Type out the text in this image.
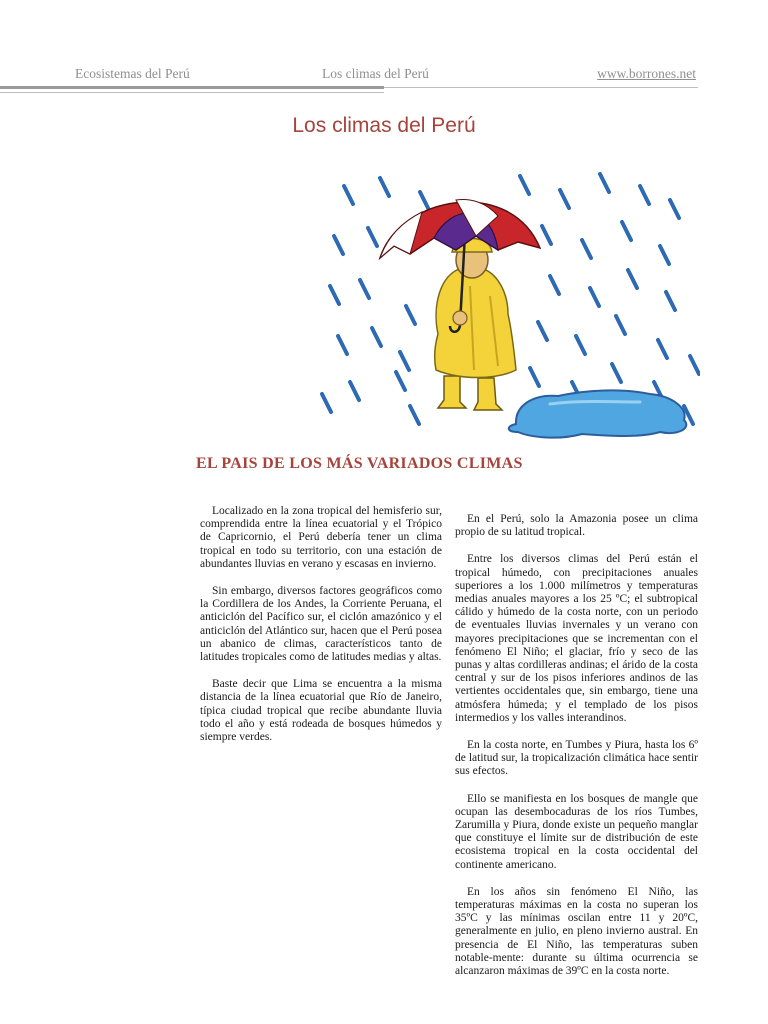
Ecosistemas del Perú	Los climas del Perú	www.borrones.net
Los climas del Perú
EL PAIS DE LOS MÁS VARIADOS CLIMAS

Localizado en la zona tropical del hemisferio sur, comprendida entre la línea ecuatorial y el Trópico de Capricornio, el Perú debería tener un clima tropical en todo su territorio, con una estación de abundantes lluvias en verano y escasas en invierno.

Sin embargo, diversos factores geográficos como la Cordillera de los Andes, la Corriente Peruana, el anticiclón del Pacífico sur, el ciclón amazónico y el anticiclón del Atlántico sur, hacen que el Perú posea un abanico de climas, característicos tanto de latitudes tropicales como de latitudes medias y altas.

Baste decir que Lima se encuentra a la misma distancia de la línea ecuatorial que Río de Janeiro, típica ciudad tropical que recibe abundante lluvia todo el año y está rodeada de bosques húmedos y siempre verdes.

En el Perú, solo la Amazonia posee un clima propio de su latitud tropical.

Entre los diversos climas del Perú están el tropical húmedo, con precipitaciones anuales superiores a los 1.000 milímetros y temperaturas medias anuales mayores a los 25 ºC; el subtropical cálido y húmedo de la costa norte, con un periodo de eventuales lluvias invernales y un verano con mayores precipitaciones que se incrementan con el fenómeno El Niño; el glaciar, frío y seco de las punas y altas cordilleras andinas; el árido de la costa central y sur de los pisos inferiores andinos de las vertientes occidentales que, sin embargo, tiene una atmósfera húmeda; y el templado de los pisos intermedios y los valles interandinos.

En la costa norte, en Tumbes y Piura, hasta los 6º de latitud sur, la tropicalización climática hace sentir sus efectos.

Ello se manifiesta en los bosques de mangle que ocupan las desembocaduras de los ríos Tumbes, Zarumilla y Piura, donde existe un pequeño manglar que constituye el límite sur de distribución de este ecosistema tropical en la costa occidental del continente americano.

En los años sin fenómeno El Niño, las temperaturas máximas en la costa no superan los 35ºC y las mínimas oscilan entre 11 y 20ºC, generalmente en julio, en pleno invierno austral. En presencia de El Niño, las temperaturas suben notable-mente: durante su última ocurrencia se alcanzaron máximas de 39ºC en la costa norte.
